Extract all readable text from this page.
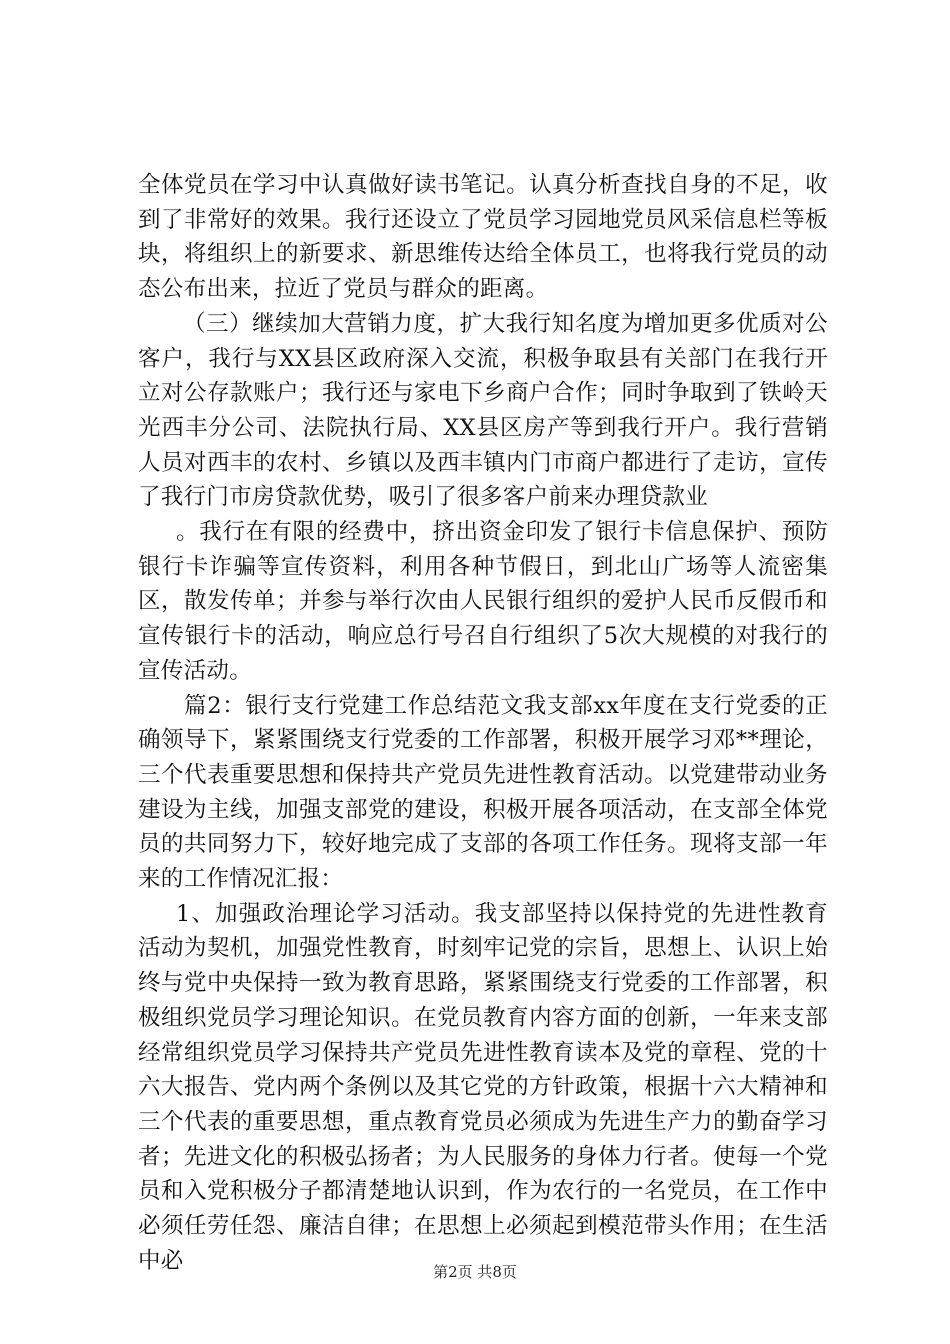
全体党员在学习中认真做好读书笔记。认真分析查找自身的不足，收到了非常好的效果。我行还设立了党员学习园地党员风采信息栏等板块，将组织上的新要求、新思维传达给全体员工，也将我行党员的动态公布出来，拉近了党员与群众的距离。

（三）继续加大营销力度，扩大我行知名度为增加更多优质对公客户，我行与XX县区政府深入交流，积极争取县有关部门在我行开立对公存款账户；我行还与家电下乡商户合作；同时争取到了铁岭天光西丰分公司、法院执行局、XX县区房产等到我行开户。我行营销人员对西丰的农村、乡镇以及西丰镇内门市商户都进行了走访，宣传了我行门市房贷款优势，吸引了很多客户前来办理贷款业

。我行在有限的经费中，挤出资金印发了银行卡信息保护、预防银行卡诈骗等宣传资料，利用各种节假日，到北山广场等人流密集区，散发传单；并参与举行次由人民银行组织的爱护人民币反假币和宣传银行卡的活动，响应总行号召自行组织了5次大规模的对我行的宣传活动。

篇2：银行支行党建工作总结范文我支部xx年度在支行党委的正确领导下，紧紧围绕支行党委的工作部署，积极开展学习邓**理论，三个代表重要思想和保持共产党员先进性教育活动。以党建带动业务建设为主线，加强支部党的建设，积极开展各项活动，在支部全体党员的共同努力下，较好地完成了支部的各项工作任务。现将支部一年来的工作情况汇报：

1、加强政治理论学习活动。我支部坚持以保持党的先进性教育活动为契机，加强党性教育，时刻牢记党的宗旨，思想上、认识上始终与党中央保持一致为教育思路，紧紧围绕支行党委的工作部署，积极组织党员学习理论知识。在党员教育内容方面的创新，一年来支部经常组织党员学习保持共产党员先进性教育读本及党的章程、党的十六大报告、党内两个条例以及其它党的方针政策，根据十六大精神和三个代表的重要思想，重点教育党员必须成为先进生产力的勤奋学习者；先进文化的积极弘扬者；为人民服务的身体力行者。使每一个党员和入党积极分子都清楚地认识到，作为农行的一名党员，在工作中必须任劳任怨、廉洁自律；在思想上必须起到模范带头作用；在生活中必	第2页 共8页
